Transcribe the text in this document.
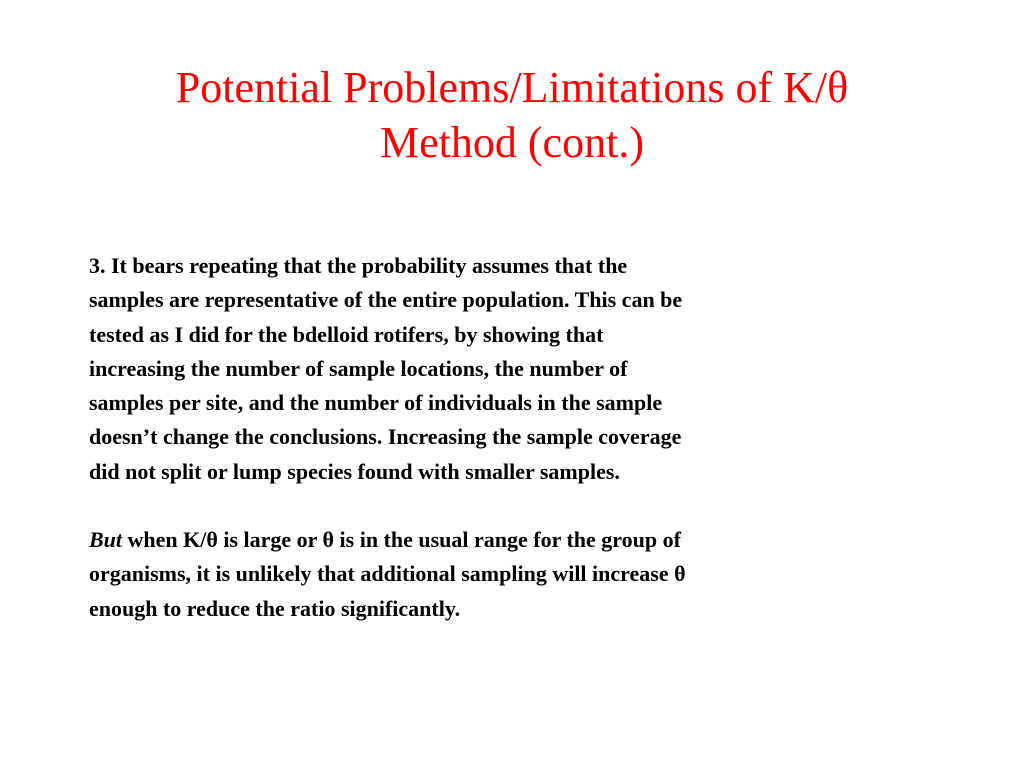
Potential Problems/Limitations of K/θ
Method (cont.)
3. It bears repeating that the probability assumes that the
samples are representative of the entire population. This can be
tested as I did for the bdelloid rotifers, by showing that
increasing the number of sample locations, the number of
samples per site, and the number of individuals in the sample
doesn’t change the conclusions. Increasing the sample coverage
did not split or lump species found with smaller samples.
But when K/θ is large or θ is in the usual range for the group of
organisms, it is unlikely that additional sampling will increase θ
enough to reduce the ratio significantly.
